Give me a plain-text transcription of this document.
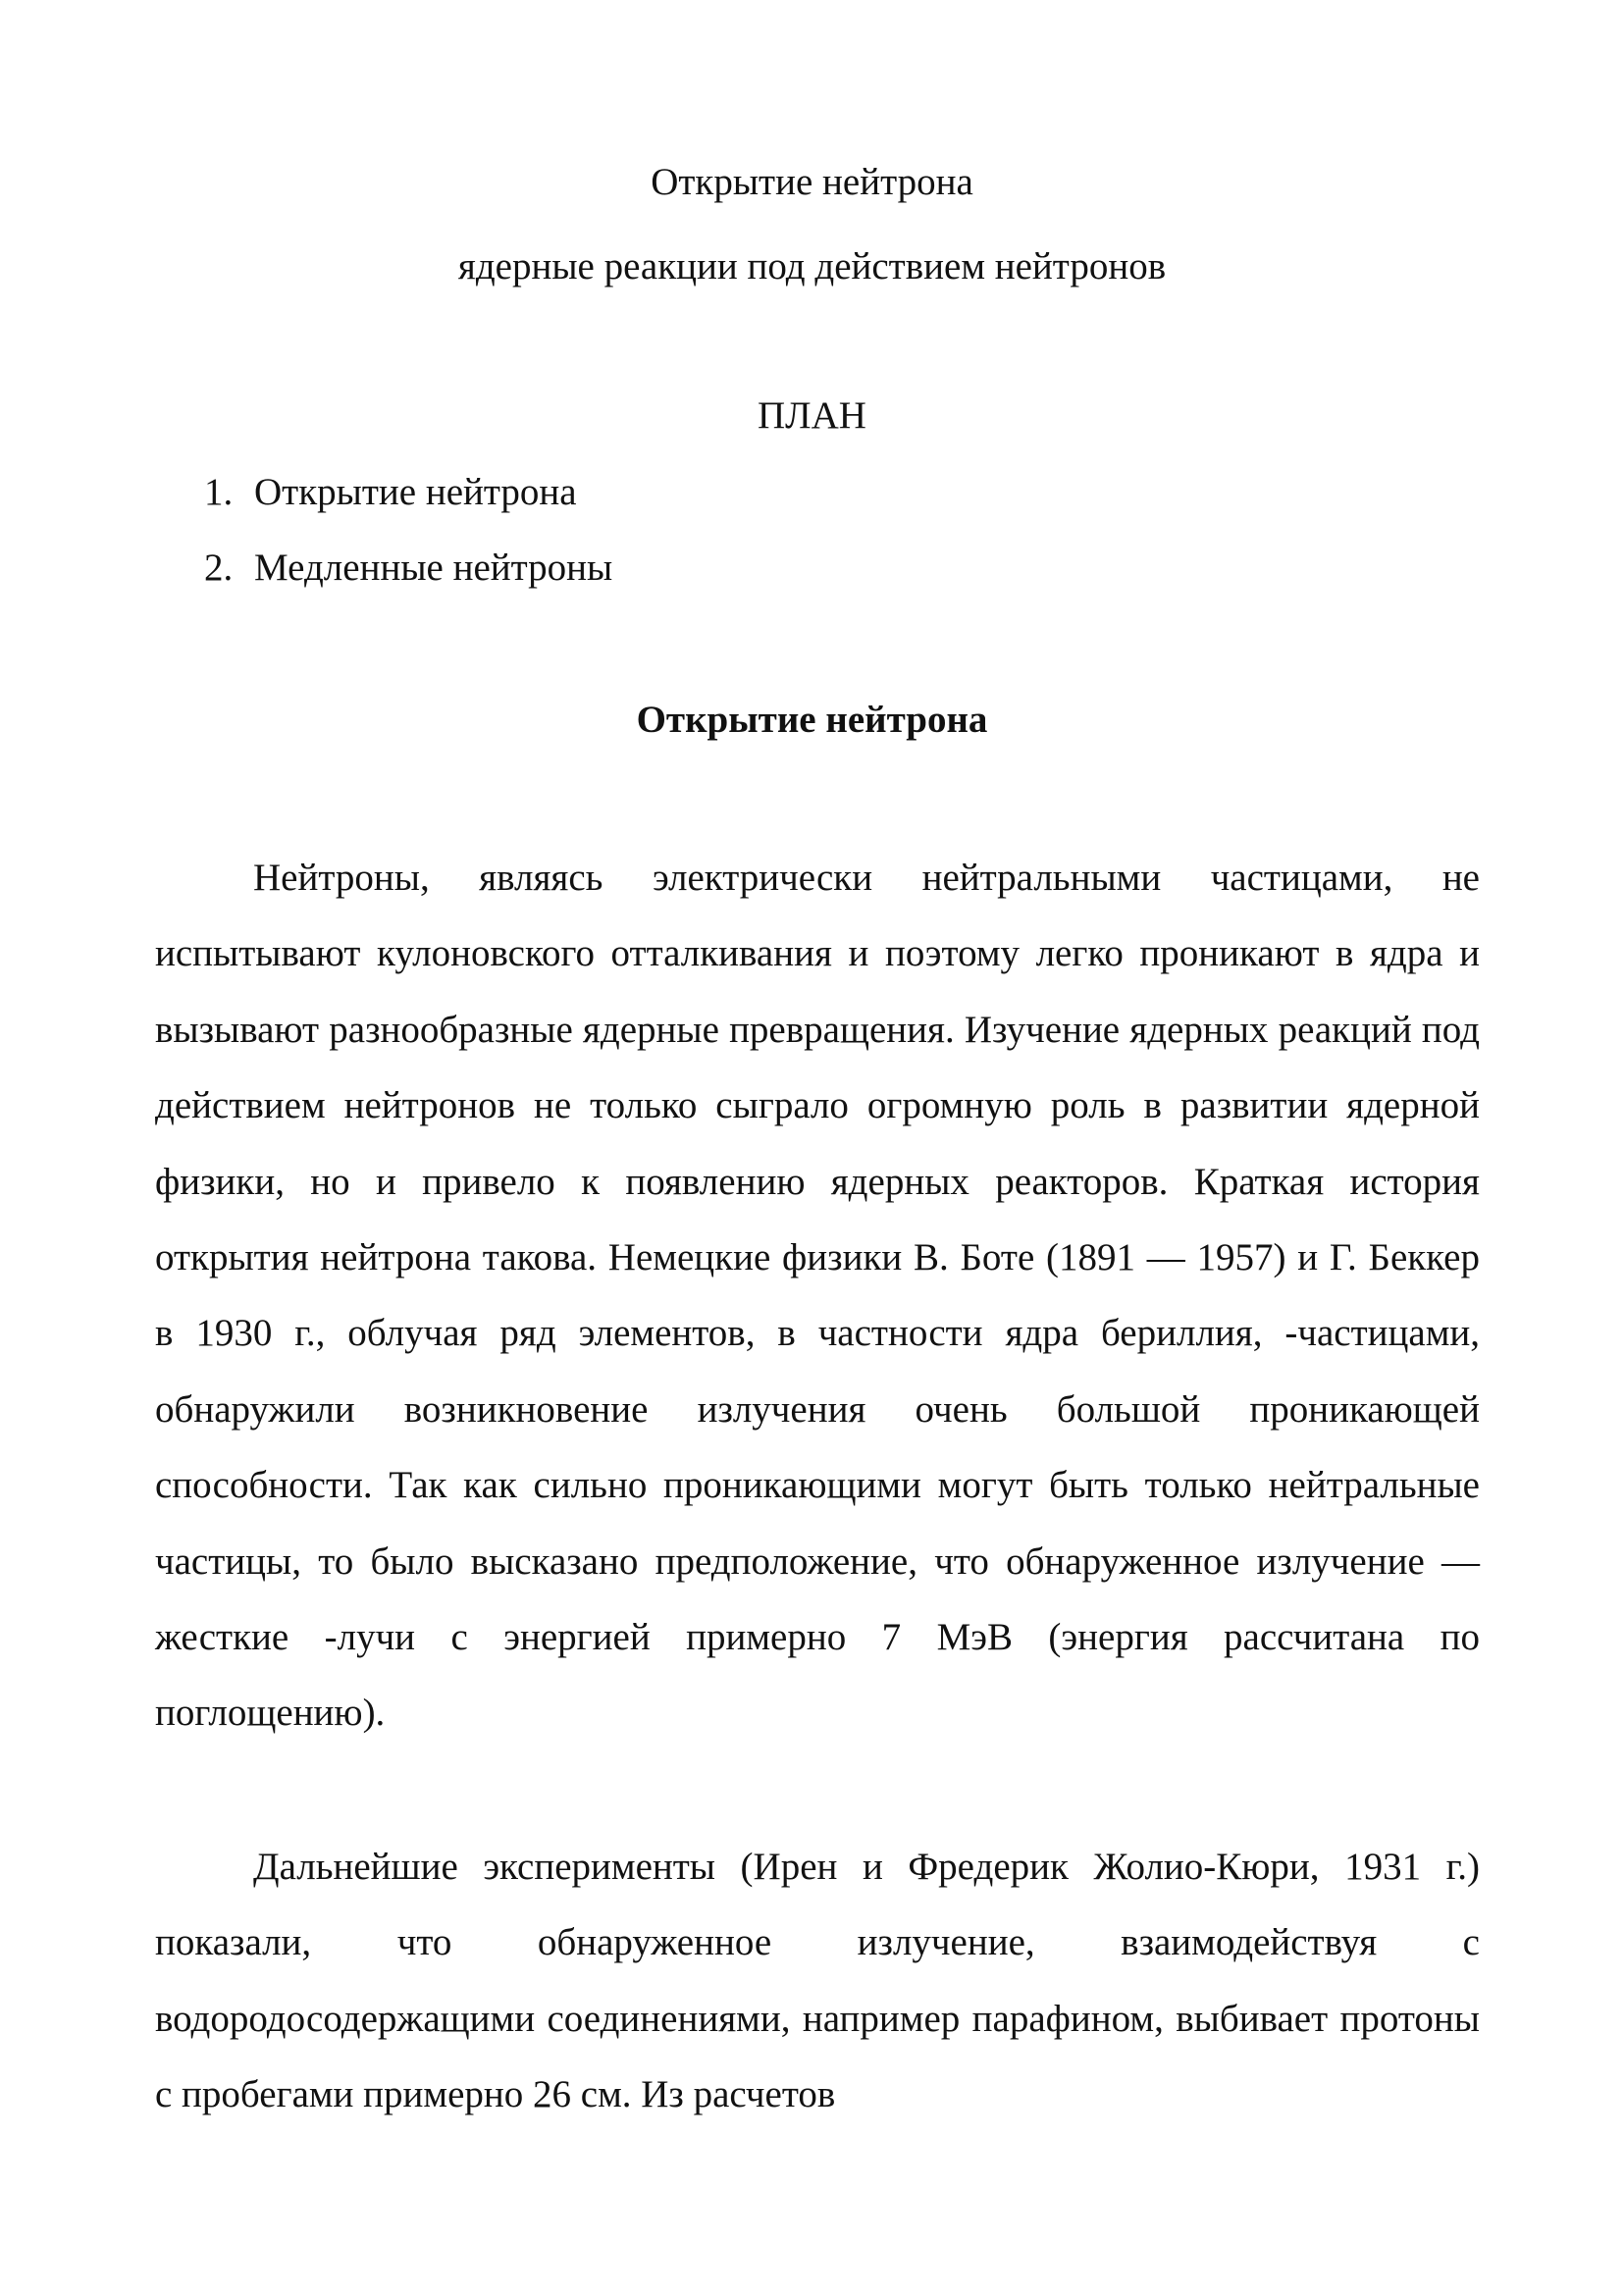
Открытие нейтрона
ядерные реакции под действием нейтронов
ПЛАН
1. Открытие нейтрона
2. Медленные нейтроны
Открытие нейтрона

Нейтроны, являясь электрически нейтральными частицами, не испытывают кулоновского отталкивания и поэтому легко проникают в ядра и вызывают разнообразные ядерные превращения. Изучение ядерных реакций под действием нейтронов не только сыграло огромную роль в развитии ядерной физики, но и привело к появлению ядерных реакторов. Краткая история открытия нейтрона такова. Немецкие физики В. Боте (1891 — 1957) и Г. Беккер в 1930 г., облучая ряд элементов, в частности ядра бериллия, -частицами, обнаружили возникновение излучения очень большой проникающей способности. Так как сильно проникающими могут быть только нейтральные частицы, то было высказано предположение, что обнаруженное излучение — жесткие -лучи с энергией примерно 7 МэВ (энергия рассчитана по поглощению).

Дальнейшие эксперименты (Ирен и Фредерик Жолио-Кюри, 1931 г.) показали, что обнаруженное излучение, взаимодействуя с водородосодержащими соединениями, например парафином, выбивает протоны с пробегами примерно 26 см. Из расчетов
